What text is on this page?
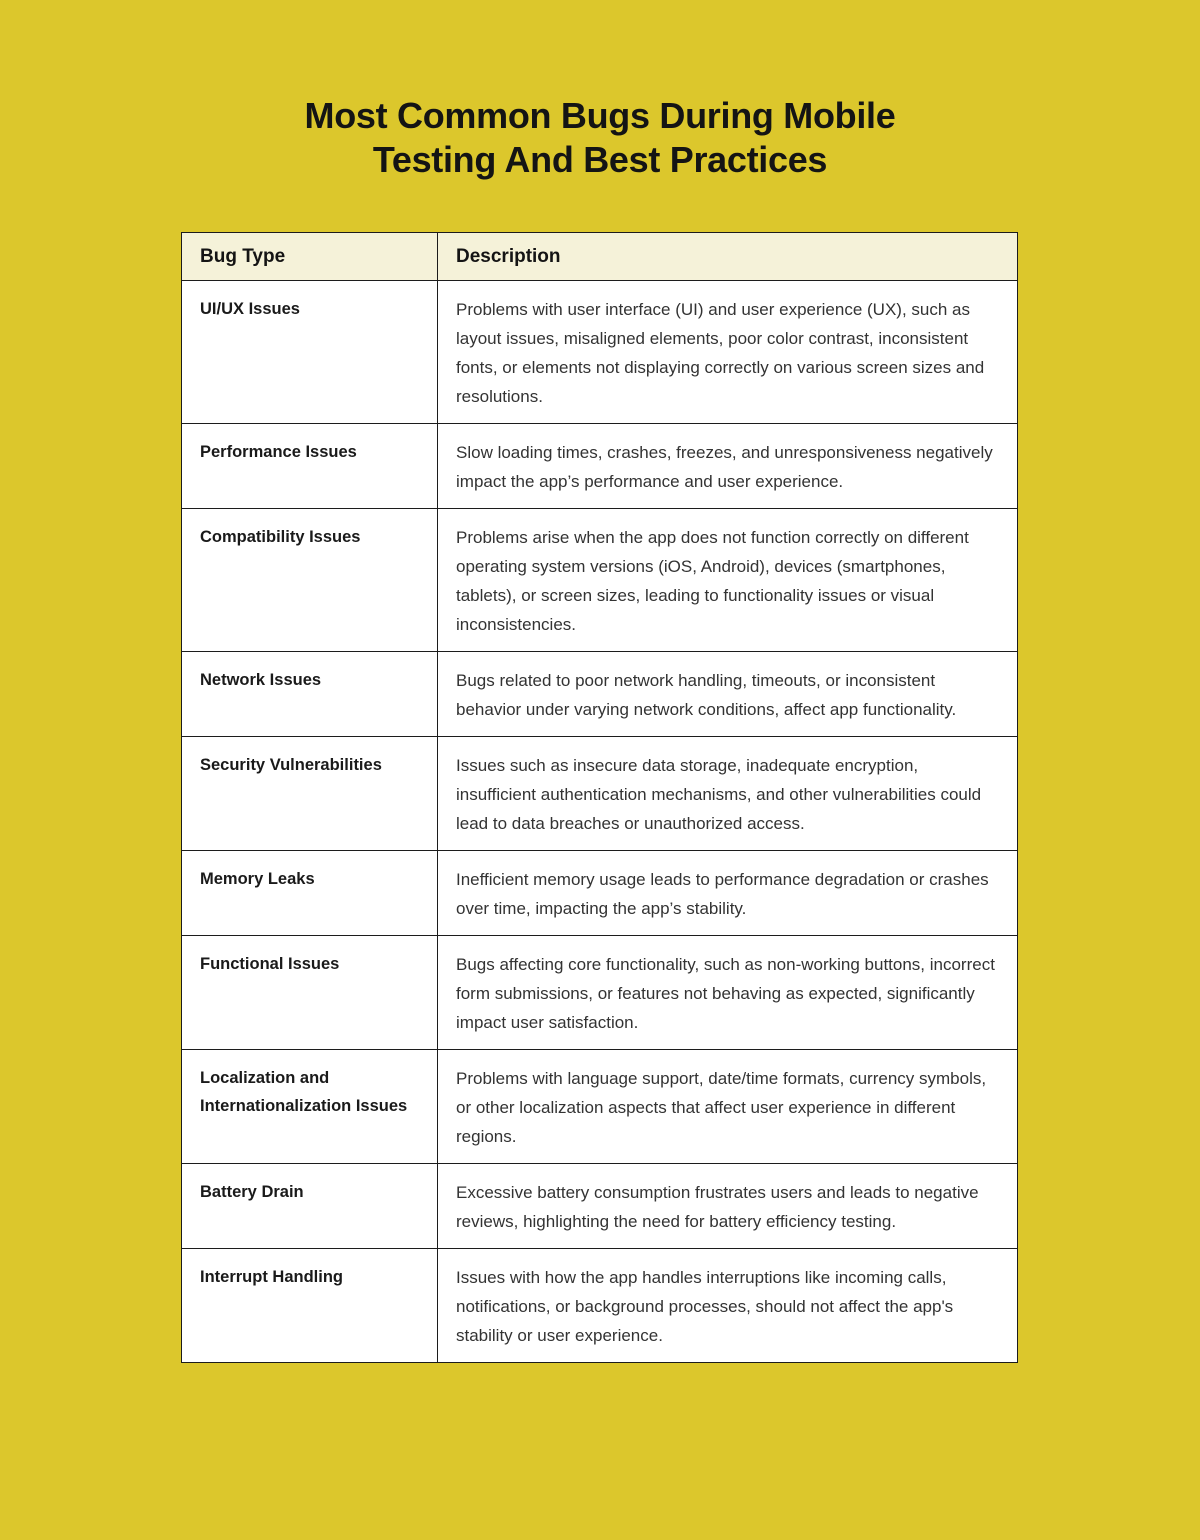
Most Common Bugs During Mobile
Testing And Best Practices
Bug Type	Description
UI/UX Issues	Problems with user interface (UI) and user experience (UX), such as layout issues, misaligned elements, poor color contrast, inconsistent fonts, or elements not displaying correctly on various screen sizes and resolutions.
Performance Issues	Slow loading times, crashes, freezes, and unresponsiveness negatively impact the app’s performance and user experience.
Compatibility Issues	Problems arise when the app does not function correctly on different operating system versions (iOS, Android), devices (smartphones, tablets), or screen sizes, leading to functionality issues or visual inconsistencies.
Network Issues	Bugs related to poor network handling, timeouts, or inconsistent behavior under varying network conditions, affect app functionality.
Security Vulnerabilities	Issues such as insecure data storage, inadequate encryption, insufficient authentication mechanisms, and other vulnerabilities could lead to data breaches or unauthorized access.
Memory Leaks	Inefficient memory usage leads to performance degradation or crashes over time, impacting the app’s stability.
Functional Issues	Bugs affecting core functionality, such as non-working buttons, incorrect form submissions, or features not behaving as expected, significantly impact user satisfaction.
Localization and Internationalization Issues	Problems with language support, date/time formats, currency symbols, or other localization aspects that affect user experience in different regions.
Battery Drain	Excessive battery consumption frustrates users and leads to negative reviews, highlighting the need for battery efficiency testing.
Interrupt Handling	Issues with how the app handles interruptions like incoming calls, notifications, or background processes, should not affect the app's stability or user experience.
